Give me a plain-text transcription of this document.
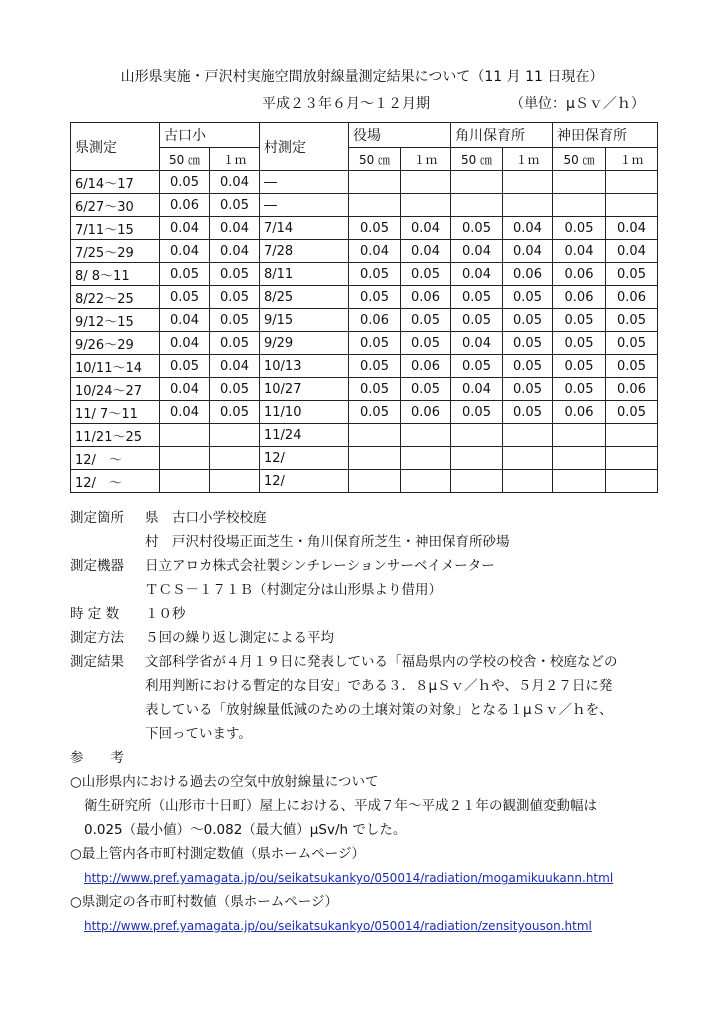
山形県実施・戸沢村実施空間放射線量測定結果について（11 月 11 日現在）
平成２３年６月～１２月期	（単位：μＳｖ／ｈ）
県測定	古口小		村測定	役場		角川保育所		神田保育所	
	50 ㎝	１ｍ		50 ㎝	１ｍ	50 ㎝	１ｍ	50 ㎝	１ｍ
6/14～17	0.05	0.04	―						
6/27～30	0.06	0.05	―						
7/11～15	0.04	0.04	7/14	0.05	0.04	0.05	0.04	0.05	0.04
7/25～29	0.04	0.04	7/28	0.04	0.04	0.04	0.04	0.04	0.04
8/ 8～11	0.05	0.05	8/11	0.05	0.05	0.04	0.06	0.06	0.05
8/22～25	0.05	0.05	8/25	0.05	0.06	0.05	0.05	0.06	0.06
9/12～15	0.04	0.05	9/15	0.06	0.05	0.05	0.05	0.05	0.05
9/26～29	0.04	0.05	9/29	0.05	0.05	0.04	0.05	0.05	0.05
10/11～14	0.05	0.04	10/13	0.05	0.06	0.05	0.05	0.05	0.05
10/24～27	0.04	0.05	10/27	0.05	0.05	0.04	0.05	0.05	0.06
11/ 7～11	0.04	0.05	11/10	0.05	0.06	0.05	0.05	0.06	0.05
11/21～25			11/24						
12/　～			12/						
12/　～			12/						
測定箇所	県　古口小学校校庭
村　戸沢村役場正面芝生・角川保育所芝生・神田保育所砂場
測定機器	日立アロカ株式会社製シンチレーションサーベイメーター
ＴＣＳ－１７１Ｂ（村測定分は山形県より借用）
時 定 数	１０秒
測定方法	５回の繰り返し測定による平均
測定結果	文部科学省が４月１９日に発表している「福島県内の学校の校舎・校庭などの
利用判断における暫定的な目安」である３．８μＳｖ／ｈや、５月２７日に発
表している「放射線量低減のための土壌対策の対象」となる１μＳｖ／ｈを、
下回っています。
参　　考
○山形県内における過去の空気中放射線量について
衛生研究所（山形市十日町）屋上における、平成７年～平成２１年の観測値変動幅は
0.025（最小値）～0.082（最大値）μSv/h でした。
○最上管内各市町村測定数値（県ホームページ）
http://www.pref.yamagata.jp/ou/seikatsukankyo/050014/radiation/mogamikuukann.html
○県測定の各市町村数値（県ホームページ）
http://www.pref.yamagata.jp/ou/seikatsukankyo/050014/radiation/zensityouson.html
